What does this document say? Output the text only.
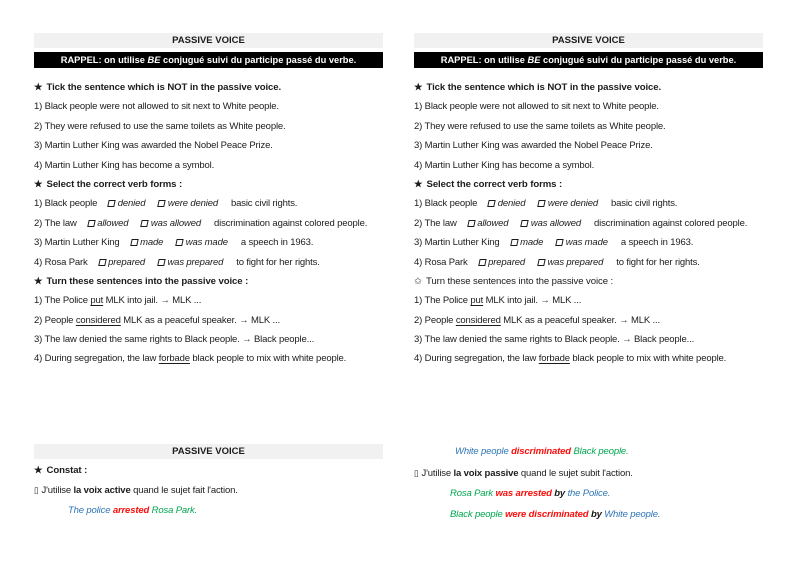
PASSIVE VOICE
RAPPEL: on utilise BE conjugué suivi du participe passé du verbe.

★ Tick the sentence which is NOT in the passive voice.

1) Black people were not allowed to sit next to White people.

2) They were refused to use the same toilets as White people.

3) Martin Luther King was awarded the Nobel Peace Prize.

4) Martin Luther King has become a symbol.

★ Select the correct verb forms :

1) Black people denied were denied basic civil rights.

2) The law allowed was allowed discrimination against colored people.

3) Martin Luther King made was made a speech in 1963.

4) Rosa Park prepared was prepared to fight for her rights.

★ Turn these sentences into the passive voice :

1) The Police put MLK into jail. → MLK ...

2) People considered MLK as a peaceful speaker. → MLK ...

3) The law denied the same rights to Black people. → Black people...

4) During segregation, the law forbade black people to mix with white people.

PASSIVE VOICE

★ Constat :

▯ J'utilise la voix active quand le sujet fait l'action.

The police arrested Rosa Park.

PASSIVE VOICE
RAPPEL: on utilise BE conjugué suivi du participe passé du verbe.

★ Tick the sentence which is NOT in the passive voice.

1) Black people were not allowed to sit next to White people.

2) They were refused to use the same toilets as White people.

3) Martin Luther King was awarded the Nobel Peace Prize.

4) Martin Luther King has become a symbol.

★ Select the correct verb forms :

1) Black people denied were denied basic civil rights.

2) The law allowed was allowed discrimination against colored people.

3) Martin Luther King made was made a speech in 1963.

4) Rosa Park prepared was prepared to fight for her rights.

✩ Turn these sentences into the passive voice :

1) The Police put MLK into jail. → MLK ...

2) People considered MLK as a peaceful speaker. → MLK ...

3) The law denied the same rights to Black people. → Black people...

4) During segregation, the law forbade black people to mix with white people.

White people discriminated Black people.

▯ J'utilise la voix passive quand le sujet subit l'action.

Rosa Park was arrested by the Police.

Black people were discriminated by White people.
